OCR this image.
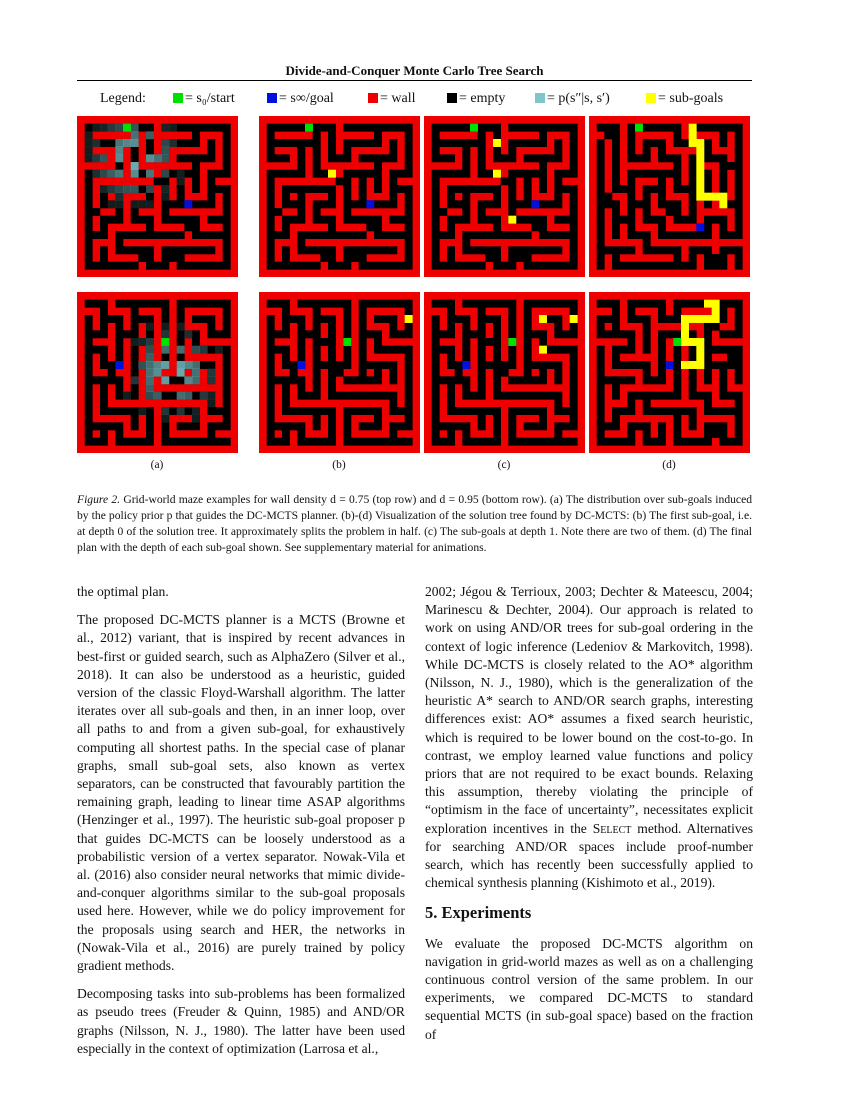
Divide-and-Conquer Monte Carlo Tree Search
Legend:	= s₀/start	= s∞/goal	= wall	= empty	= p(s″|s, s′)	= sub-goals
(a)	(b)	(c)	(d)
Figure 2. Grid-world maze examples for wall density d = 0.75 (top row) and d = 0.95 (bottom row). (a) The distribution over sub-goals induced by the policy prior p that guides the DC-MCTS planner. (b)-(d) Visualization of the solution tree found by DC-MCTS: (b) The first sub-goal, i.e. at depth 0 of the solution tree. It approximately splits the problem in half. (c) The sub-goals at depth 1. Note there are two of them. (d) The final plan with the depth of each sub-goal shown. See supplementary material for animations.

the optimal plan.

The proposed DC-MCTS planner is a MCTS (Browne et al., 2012) variant, that is inspired by recent advances in best-first or guided search, such as AlphaZero (Silver et al., 2018). It can also be understood as a heuristic, guided version of the classic Floyd-Warshall algorithm. The latter iterates over all sub-goals and then, in an inner loop, over all paths to and from a given sub-goal, for exhaustively computing all shortest paths. In the special case of planar graphs, small sub-goal sets, also known as vertex separators, can be constructed that favourably partition the remaining graph, leading to linear time ASAP algorithms (Henzinger et al., 1997). The heuristic sub-goal proposer p that guides DC-MCTS can be loosely understood as a probabilistic version of a vertex separator. Nowak-Vila et al. (2016) also consider neural networks that mimic divide-and-conquer algorithms similar to the sub-goal proposals used here. However, while we do policy improvement for the proposals using search and HER, the networks in (Nowak-Vila et al., 2016) are purely trained by policy gradient methods.

Decomposing tasks into sub-problems has been formalized as pseudo trees (Freuder & Quinn, 1985) and AND/OR graphs (Nilsson, N. J., 1980). The latter have been used especially in the context of optimization (Larrosa et al.,

2002; Jégou & Terrioux, 2003; Dechter & Mateescu, 2004; Marinescu & Dechter, 2004). Our approach is related to work on using AND/OR trees for sub-goal ordering in the context of logic inference (Ledeniov & Markovitch, 1998). While DC-MCTS is closely related to the AO* algorithm (Nilsson, N. J., 1980), which is the generalization of the heuristic A* search to AND/OR search graphs, interesting differences exist: AO* assumes a fixed search heuristic, which is required to be lower bound on the cost-to-go. In contrast, we employ learned value functions and policy priors that are not required to be exact bounds. Relaxing this assumption, thereby violating the principle of “optimism in the face of uncertainty”, necessitates explicit exploration incentives in the Select method. Alternatives for searching AND/OR spaces include proof-number search, which has recently been successfully applied to chemical synthesis planning (Kishimoto et al., 2019).

5. Experiments

We evaluate the proposed DC-MCTS algorithm on navigation in grid-world mazes as well as on a challenging continuous control version of the same problem. In our experiments, we compared DC-MCTS to standard sequential MCTS (in sub-goal space) based on the fraction of
